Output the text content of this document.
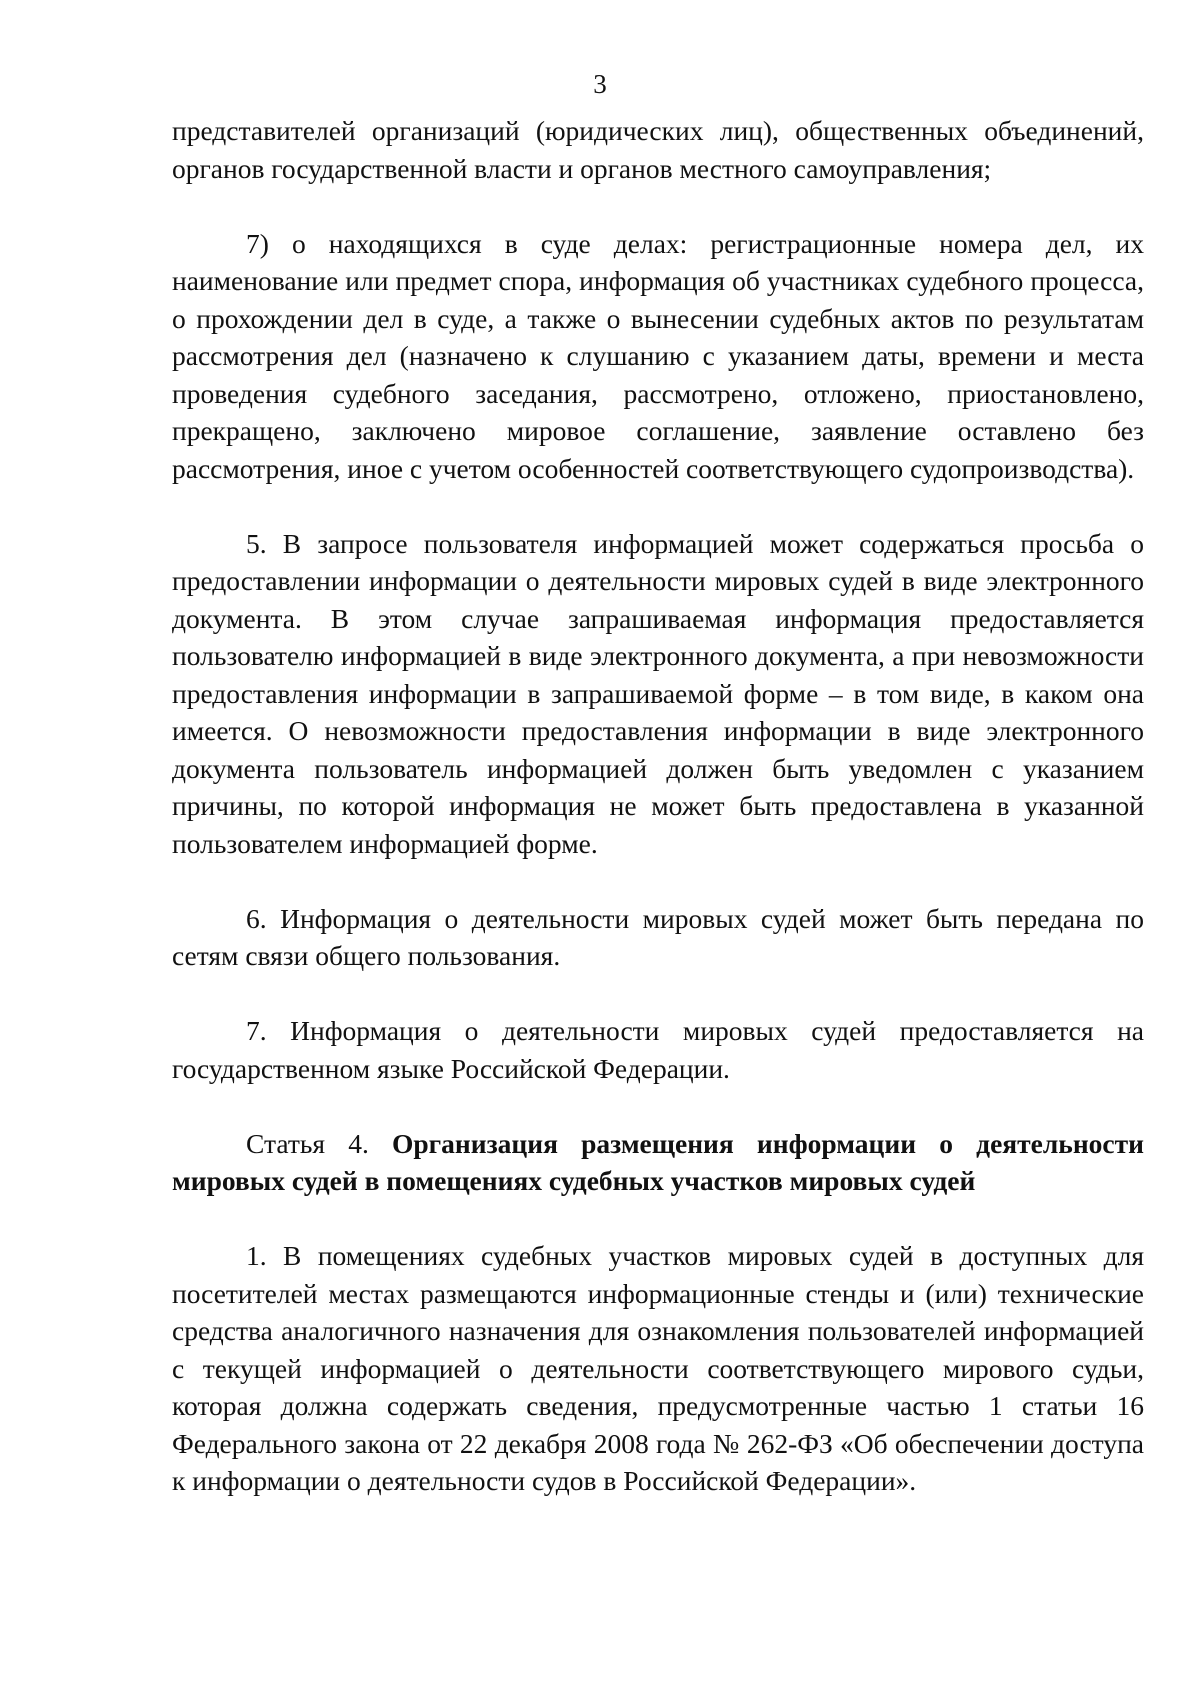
3

представителей организаций (юридических лиц), общественных объединений, органов государственной власти и органов местного самоуправления;

7) о находящихся в суде делах: регистрационные номера дел, их наименование или предмет спора, информация об участниках судебного процесса, о прохождении дел в суде, а также о вынесении судебных актов по результатам рассмотрения дел (назначено к слушанию с указанием даты, времени и места проведения судебного заседания, рассмотрено, отложено, приостановлено, прекращено, заключено мировое соглашение, заявление оставлено без рассмотрения, иное с учетом особенностей соответствующего судопроизводства).

5. В запросе пользователя информацией может содержаться просьба о предоставлении информации о деятельности мировых судей в виде электронного документа. В этом случае запрашиваемая информация предоставляется пользователю информацией в виде электронного документа, а при невозможности предоставления информации в запрашиваемой форме – в том виде, в каком она имеется. О невозможности предоставления информации в виде электронного документа пользователь информацией должен быть уведомлен с указанием причины, по которой информация не может быть предоставлена в указанной пользователем информацией форме.

6. Информация о деятельности мировых судей может быть передана по сетям связи общего пользования.

7. Информация о деятельности мировых судей предоставляется на государственном языке Российской Федерации.

Статья 4. Организация размещения информации о деятельности мировых судей в помещениях судебных участков мировых судей

1. В помещениях судебных участков мировых судей в доступных для посетителей местах размещаются информационные стенды и (или) технические средства аналогичного назначения для ознакомления пользователей информацией с текущей информацией о деятельности соответствующего мирового судьи, которая должна содержать сведения, предусмотренные частью 1 статьи 16 Федерального закона от 22 декабря 2008 года № 262-ФЗ «Об обеспечении доступа к информации о деятельности судов в Российской Федерации».
